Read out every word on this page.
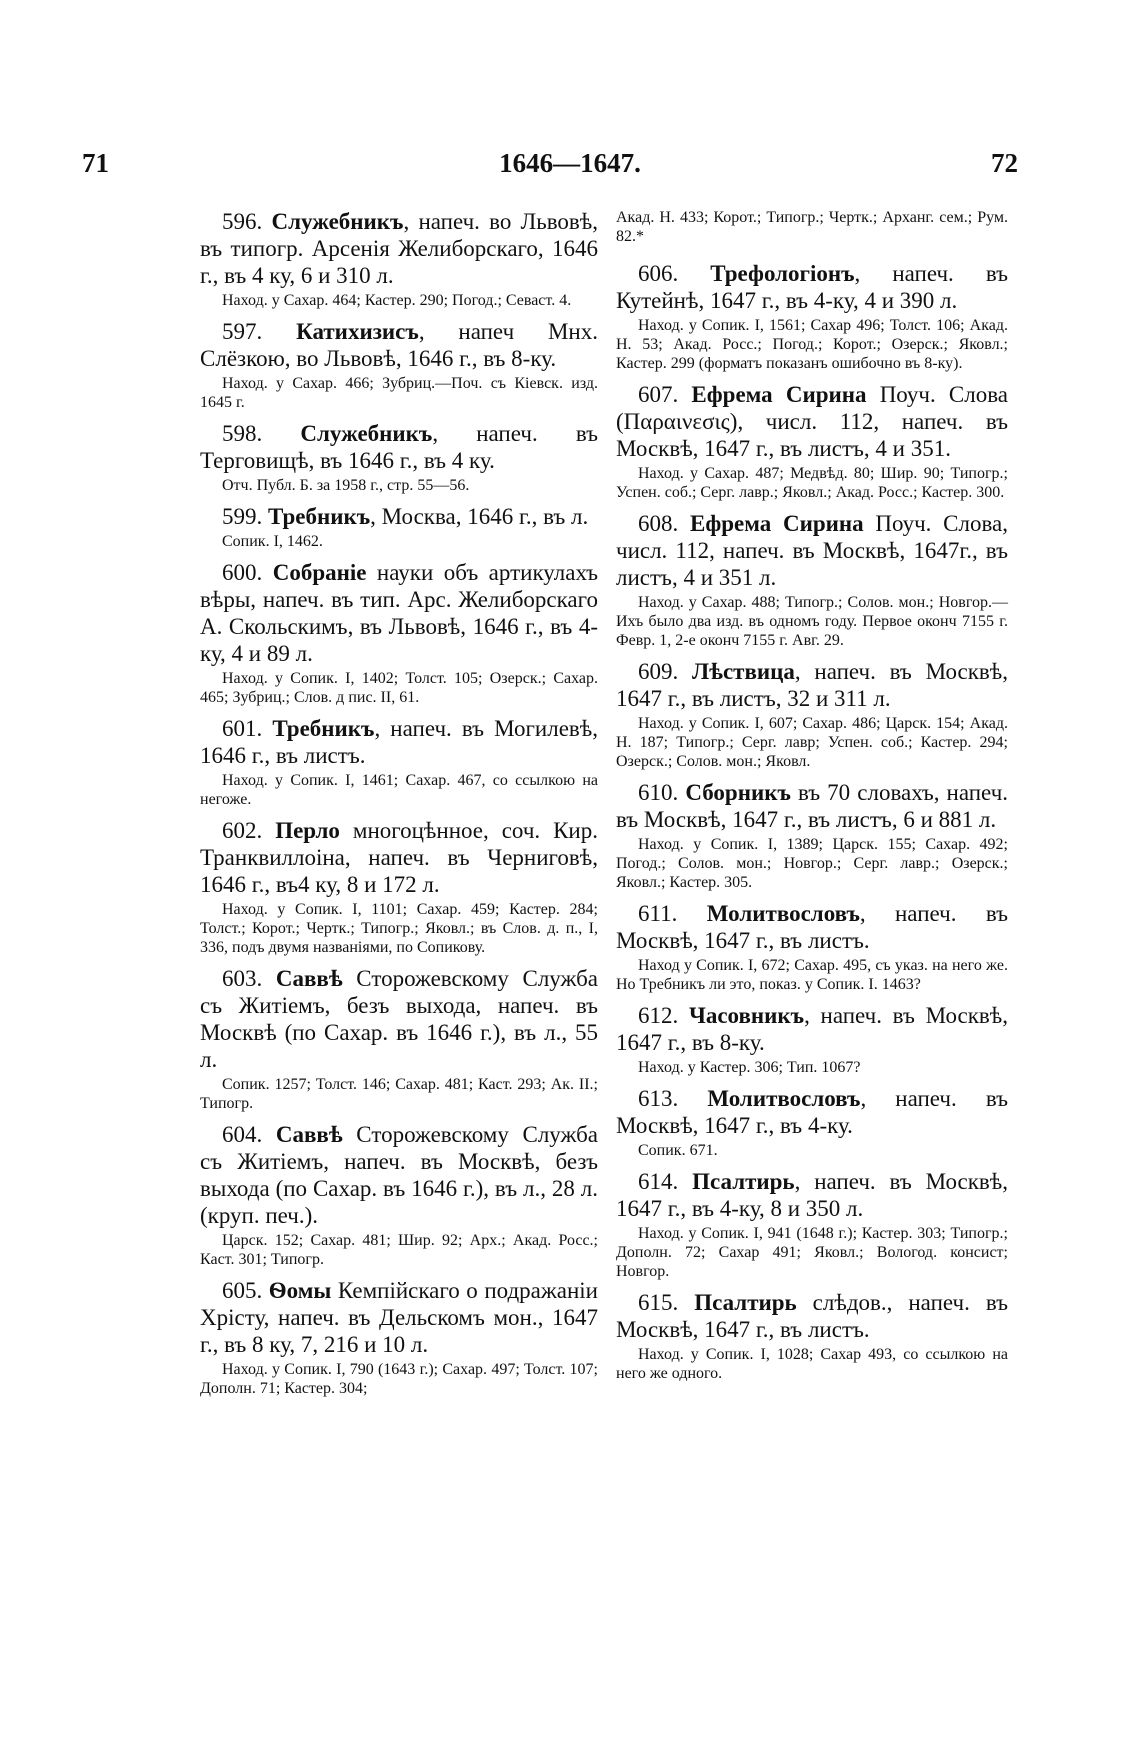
71	1646—1647.	72

596. Служебникъ, напеч. во Львовѣ, въ типогр. Арсенія Желиборскаго, 1646 г., въ 4 ку, 6 и 310 л.

Наход. у Сахар. 464; Кастер. 290; Погод.; Севаст. 4.

597. Катихизисъ, напеч Мнх. Слёзкою, во Львовѣ, 1646 г., въ 8-ку.

Наход. у Сахар. 466; Зубриц.—Поч. съ Кіевск. изд. 1645 г.

598. Служебникъ, напеч. въ Терговищѣ, въ 1646 г., въ 4 ку.

Отч. Публ. Б. за 1958 г., стр. 55—56.

599. Требникъ, Москва, 1646 г., въ л.

Сопик. I, 1462.

600. Собраніе науки объ артикулахъ вѣры, напеч. въ тип. Арс. Желиборскаго А. Скольскимъ, въ Львовѣ, 1646 г., въ 4-ку, 4 и 89 л.

Наход. у Сопик. I, 1402; Толст. 105; Озерск.; Сахар. 465; Зубриц.; Слов. д пис. II, 61.

601. Требникъ, напеч. въ Могилевѣ, 1646 г., въ листъ.

Наход. у Сопик. I, 1461; Сахар. 467, со ссылкою на негоже.

602. Перло многоцѣнное, соч. Кир. Транквиллоіна, напеч. въ Черниговѣ, 1646 г., въ4 ку, 8 и 172 л.

Наход. у Сопик. I, 1101; Сахар. 459; Кастер. 284; Толст.; Корот.; Чертк.; Типогр.; Яковл.; въ Слов. д. п., I, 336, подъ двумя названіями, по Сопикову.

603. Саввѣ Сторожевскому Служба съ Житіемъ, безъ выхода, напеч. въ Москвѣ (по Сахар. въ 1646 г.), въ л., 55 л.

Сопик. 1257; Толст. 146; Сахар. 481; Каст. 293; Ак. II.; Типогр.

604. Саввѣ Сторожевскому Служба съ Житіемъ, напеч. въ Москвѣ, безъ выхода (по Сахар. въ 1646 г.), въ л., 28 л. (круп. печ.).

Царск. 152; Сахар. 481; Шир. 92; Арх.; Акад. Росс.; Каст. 301; Типогр.

605. Ѳомы Кемпійскаго о подражаніи Хрісту, напеч. въ Дельскомъ мон., 1647 г., въ 8 ку, 7, 216 и 10 л.

Наход. у Сопик. I, 790 (1643 г.); Сахар. 497; Толст. 107; Дополн. 71; Кастер. 304;

Акад. Н. 433; Корот.; Типогр.; Чертк.; Арханг. сем.; Рум. 82.*

606. Трефологіонъ, напеч. въ Кутейнѣ, 1647 г., въ 4-ку, 4 и 390 л.

Наход. у Сопик. I, 1561; Сахар 496; Толст. 106; Акад. Н. 53; Акад. Росс.; Погод.; Корот.; Озерск.; Яковл.; Кастер. 299 (форматъ показанъ ошибочно въ 8-ку).

607. Ефрема Сирина Поуч. Слова (Παραινεσις), числ. 112, напеч. въ Москвѣ, 1647 г., въ листъ, 4 и 351.

Наход. у Сахар. 487; Медвѣд. 80; Шир. 90; Типогр.; Успен. соб.; Серг. лавр.; Яковл.; Акад. Росс.; Кастер. 300.

608. Ефрема Сирина Поуч. Слова, числ. 112, напеч. въ Москвѣ, 1647г., въ листъ, 4 и 351 л.

Наход. у Сахар. 488; Типогр.; Солов. мон.; Новгор.—Ихъ было два изд. въ одномъ году. Первое оконч 7155 г. Февр. 1, 2-е оконч 7155 г. Авг. 29.

609. Лѣствица, напеч. въ Москвѣ, 1647 г., въ листъ, 32 и 311 л.

Наход. у Сопик. I, 607; Сахар. 486; Царск. 154; Акад. Н. 187; Типогр.; Серг. лавр; Успен. соб.; Кастер. 294; Озерск.; Солов. мон.; Яковл.

610. Сборникъ въ 70 словахъ, напеч. въ Москвѣ, 1647 г., въ листъ, 6 и 881 л.

Наход. у Сопик. I, 1389; Царск. 155; Сахар. 492; Погод.; Солов. мон.; Новгор.; Серг. лавр.; Озерск.; Яковл.; Кастер. 305.

611. Молитвословъ, напеч. въ Москвѣ, 1647 г., въ листъ.

Наход у Сопик. I, 672; Сахар. 495, съ указ. на него же. Но Требникъ ли это, показ. у Сопик. I. 1463?

612. Часовникъ, напеч. въ Москвѣ, 1647 г., въ 8-ку.

Наход. у Кастер. 306; Тип. 1067?

613. Молитвословъ, напеч. въ Москвѣ, 1647 г., въ 4-ку.

Сопик. 671.

614. Псалтирь, напеч. въ Москвѣ, 1647 г., въ 4-ку, 8 и 350 л.

Наход. у Сопик. I, 941 (1648 г.); Кастер. 303; Типогр.; Дополн. 72; Сахар 491; Яковл.; Вологод. консист; Новгор.

615. Псалтирь слѣдов., напеч. въ Москвѣ, 1647 г., въ листъ.

Наход. у Сопик. I, 1028; Сахар 493, со ссылкою на него же одного.
